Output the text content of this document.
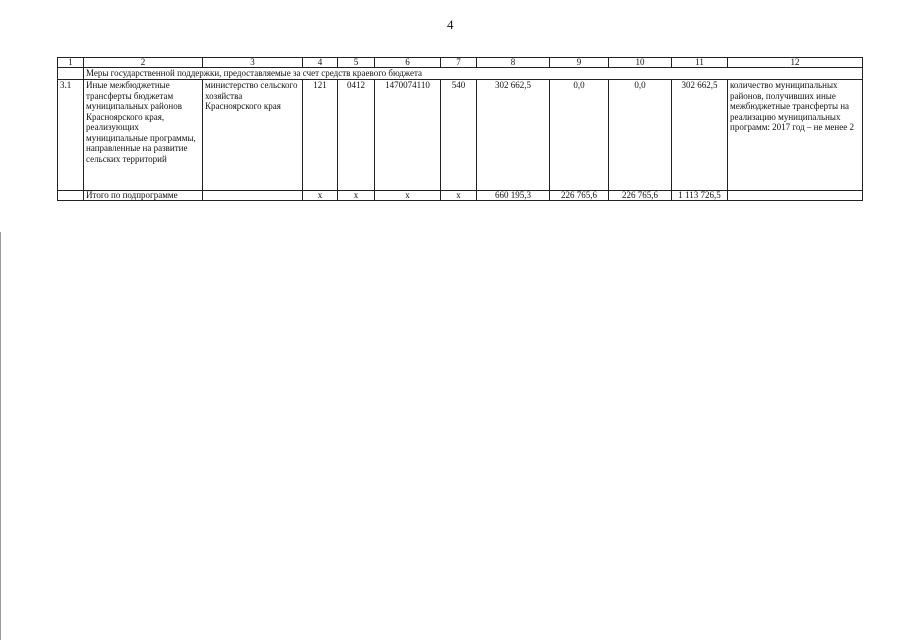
4
1	2	3	4	5	6	7	8	9	10	11	12
	Меры государственной поддержки, предоставляемые за счет средств краевого бюджета										
3.1	Иные межбюджетные трансферты бюджетам муниципальных районов Красноярского края, реализующих муниципальные программы, направленные на развитие сельских территорий	министерство сельского хозяйства Красноярского края	121	0412	1470074110	540	302 662,5	0,0	0,0	302 662,5	количество муниципальных районов, получивших иные межбюджетные трансферты на реализацию муниципальных программ: 2017 год – не менее 2
	Итого по подпрограмме		х	х	х	х	660 195,3	226 765,6	226 765,6	1 113 726,5	
